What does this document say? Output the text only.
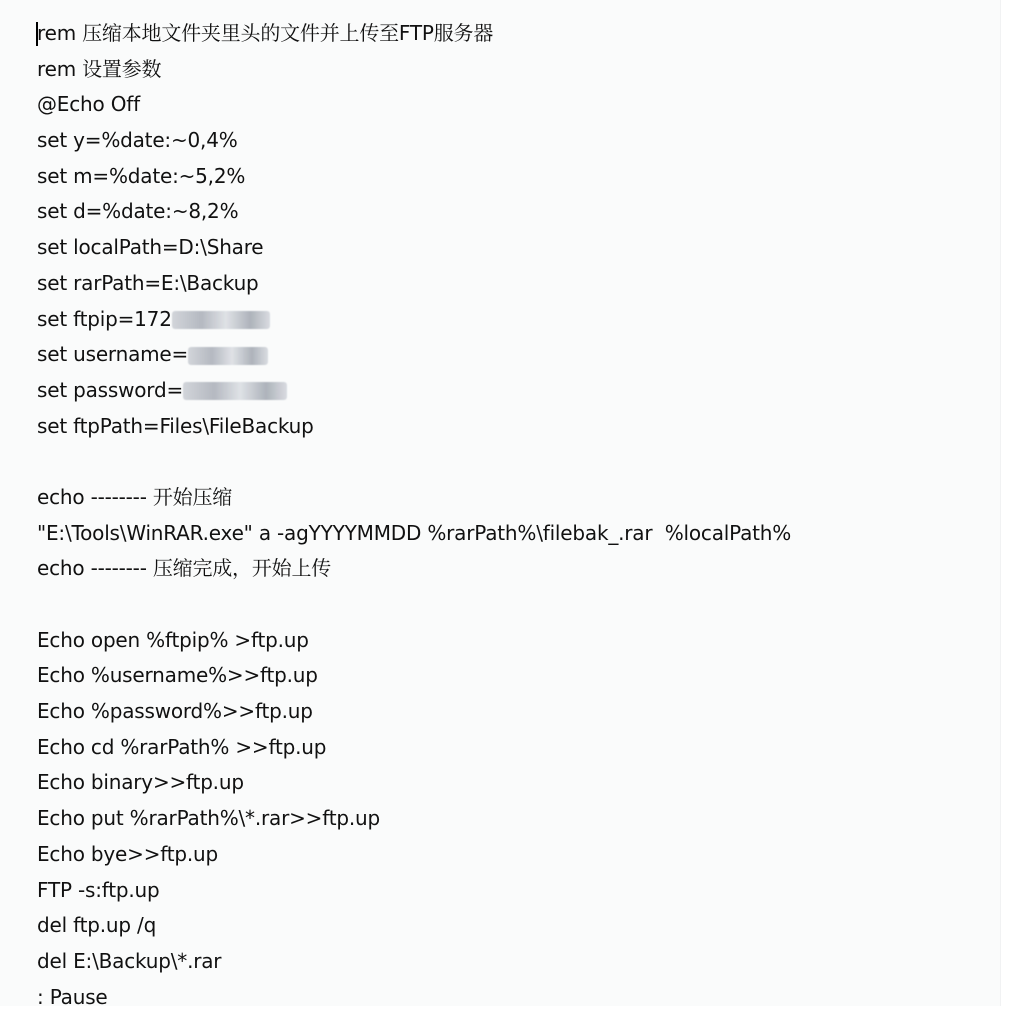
rem 压缩本地文件夹里头的文件并上传至FTP服务器
rem 设置参数
@Echo Off
set y=%date:~0,4%
set m=%date:~5,2%
set d=%date:~8,2%
set localPath=D:\Share
set rarPath=E:\Backup
set ftpip=172
set username=
set password=
set ftpPath=Files\FileBackup
echo -------- 开始压缩
"E:\Tools\WinRAR.exe" a -agYYYYMMDD %rarPath%\filebak_.rar  %localPath%
echo -------- 压缩完成，开始上传
Echo open %ftpip% >ftp.up
Echo %username%>>ftp.up
Echo %password%>>ftp.up
Echo cd %rarPath% >>ftp.up
Echo binary>>ftp.up
Echo put %rarPath%\*.rar>>ftp.up
Echo bye>>ftp.up
FTP -s:ftp.up
del ftp.up /q
del E:\Backup\*.rar
: Pause
